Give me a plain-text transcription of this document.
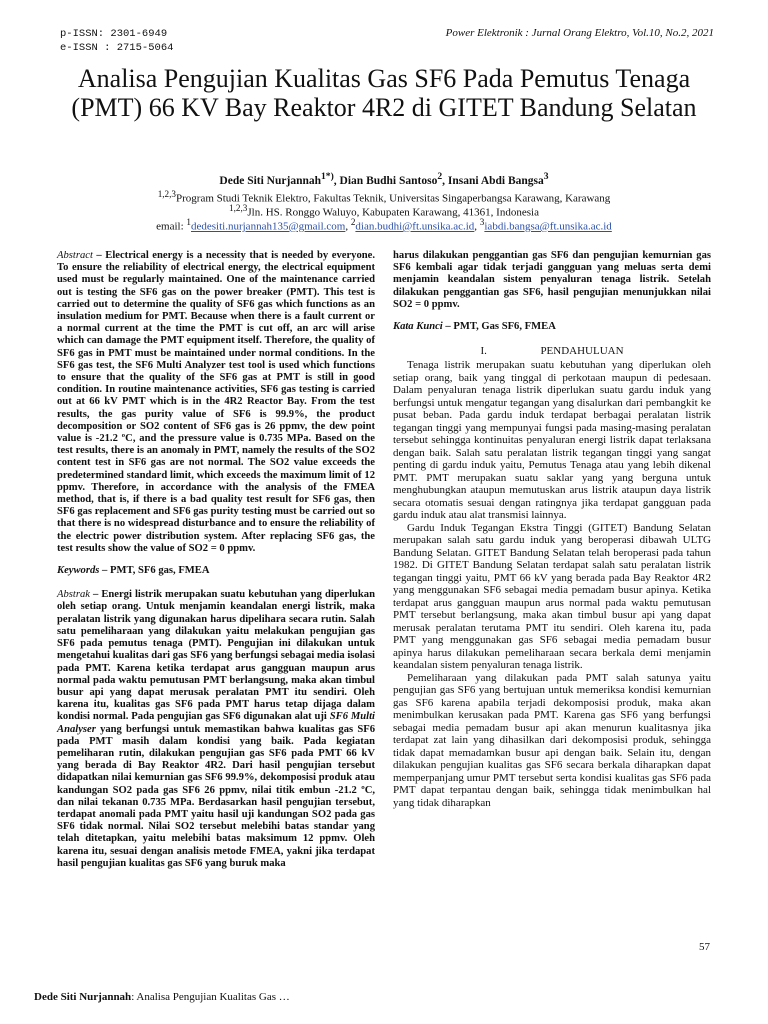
p-ISSN: 2301-6949
e-ISSN : 2715-5064
Power Elektronik : Jurnal Orang Elektro, Vol.10, No.2, 2021
Analisa Pengujian Kualitas Gas SF6 Pada Pemutus Tenaga (PMT) 66 KV Bay Reaktor 4R2 di GITET Bandung Selatan
Dede Siti Nurjannah$^{1*)}$, Dian Budhi Santoso$^2$, Insani Abdi Bangsa$^3$
$^{1,2,3}$Program Studi Teknik Elektro, Fakultas Teknik, Universitas Singaperbangsa Karawang, Karawang
$^{1,2,3}$Jln. HS. Ronggo Waluyo, Kabupaten Karawang, 41361, Indonesia
email: $^1$dedesiti.nurjannah135@gmail.com, $^2$dian.budhi@ft.unsika.ac.id, $^3$iabdi.bangsa@ft.unsika.ac.id

Abstract – Electrical energy is a necessity that is needed by everyone. To ensure the reliability of electrical energy, the electrical equipment used must be regularly maintained. One of the maintenance carried out is testing the SF6 gas on the power breaker (PMT). This test is carried out to determine the quality of SF6 gas which functions as an insulation medium for PMT. Because when there is a fault current or a normal current at the time the PMT is cut off, an arc will arise which can damage the PMT equipment itself. Therefore, the quality of SF6 gas in PMT must be maintained under normal conditions. In the SF6 gas test, the SF6 Multi Analyzer test tool is used which functions to ensure that the quality of the SF6 gas at PMT is still in good condition. In routine maintenance activities, SF6 gas testing is carried out at 66 kV PMT which is in the 4R2 Reactor Bay. From the test results, the gas purity value of SF6 is 99.9%, the product decomposition or SO2 content of SF6 gas is 26 ppmv, the dew point value is -21.2 ºC, and the pressure value is 0.735 MPa. Based on the test results, there is an anomaly in PMT, namely the results of the SO2 content test in SF6 gas are not normal. The SO2 value exceeds the predetermined standard limit, which exceeds the maximum limit of 12 ppmv. Therefore, in accordance with the analysis of the FMEA method, that is, if there is a bad quality test result for SF6 gas, then SF6 gas replacement and SF6 gas purity testing must be carried out so that there is no widespread disturbance and to ensure the reliability of the electric power distribution system. After replacing SF6 gas, the test results show the value of SO2 = 0 ppmv.

Keywords – PMT, SF6 gas, FMEA

Abstrak – Energi listrik merupakan suatu kebutuhan yang diperlukan oleh setiap orang. Untuk menjamin keandalan energi listrik, maka peralatan listrik yang digunakan harus dipelihara secara rutin. Salah satu pemeliharaan yang dilakukan yaitu melakukan pengujian gas SF6 pada pemutus tenaga (PMT). Pengujian ini dilakukan untuk mengetahui kualitas dari gas SF6 yang berfungsi sebagai media isolasi pada PMT. Karena ketika terdapat arus gangguan maupun arus normal pada waktu pemutusan PMT berlangsung, maka akan timbul busur api yang dapat merusak peralatan PMT itu sendiri. Oleh karena itu, kualitas gas SF6 pada PMT harus tetap dijaga dalam kondisi normal. Pada pengujian gas SF6 digunakan alat uji SF6 Multi Analyser yang berfungsi untuk memastikan bahwa kualitas gas SF6 pada PMT masih dalam kondisi yang baik. Pada kegiatan pemeliharan rutin, dilakukan pengujian gas SF6 pada PMT 66 kV yang berada di Bay Reaktor 4R2. Dari hasil pengujian tersebut didapatkan nilai kemurnian gas SF6 99.9%, dekomposisi produk atau kandungan SO2 pada gas SF6 26 ppmv, nilai titik embun -21.2 ºC, dan nilai tekanan 0.735 MPa. Berdasarkan hasil pengujian tersebut, terdapat anomali pada PMT yaitu hasil uji kandungan SO2 pada gas SF6 tidak normal. Nilai SO2 tersebut melebihi batas standar yang telah ditetapkan, yaitu melebihi batas maksimum 12 ppmv. Oleh karena itu, sesuai dengan analisis metode FMEA, yakni jika terdapat hasil pengujian kualitas gas SF6 yang buruk maka

harus dilakukan penggantian gas SF6 dan pengujian kemurnian gas SF6 kembali agar tidak terjadi gangguan yang meluas serta demi menjamin keandalan sistem penyaluran tenaga listrik. Setelah dilakukan penggantian gas SF6, hasil pengujian menunjukkan nilai SO2 = 0 ppmv.

Kata Kunci – PMT, Gas SF6, FMEA

I.	PENDAHULUAN

Tenaga listrik merupakan suatu kebutuhan yang diperlukan oleh setiap orang, baik yang tinggal di perkotaan maupun di pedesaan. Dalam penyaluran tenaga listrik diperlukan suatu gardu induk yang berfungsi untuk mengatur tegangan yang disalurkan dari pembangkit ke pusat beban. Pada gardu induk terdapat berbagai peralatan listrik tegangan tinggi yang mempunyai fungsi pada masing-masing peralatan tersebut sehingga kontinuitas penyaluran energi listrik dapat terlaksana dengan baik. Salah satu peralatan listrik tegangan tinggi yang sangat penting di gardu induk yaitu, Pemutus Tenaga atau yang lebih dikenal PMT. PMT merupakan suatu saklar yang yang berguna untuk menghubungkan ataupun memutuskan arus listrik ataupun daya listrik secara otomatis sesuai dengan ratingnya jika terdapat gangguan pada gardu induk atau alat transmisi lainnya.

Gardu Induk Tegangan Ekstra Tinggi (GITET) Bandung Selatan merupakan salah satu gardu induk yang beroperasi dibawah ULTG Bandung Selatan. GITET Bandung Selatan telah beroperasi pada tahun 1982. Di GITET Bandung Selatan terdapat salah satu peralatan listrik tegangan tinggi yaitu, PMT 66 kV yang berada pada Bay Reaktor 4R2 yang menggunakan SF6 sebagai media pemadam busur apinya. Ketika terdapat arus gangguan maupun arus normal pada waktu pemutusan PMT tersebut berlangsung, maka akan timbul busur api yang dapat merusak peralatan terutama PMT itu sendiri. Oleh karena itu, pada PMT yang menggunakan gas SF6 sebagai media pemadam busur apinya harus dilakukan pemeliharaan secara berkala demi menjamin keandalan sistem penyaluran tenaga listrik.

Pemeliharaan yang dilakukan pada PMT salah satunya yaitu pengujian gas SF6 yang bertujuan untuk memeriksa kondisi kemurnian gas SF6 karena apabila terjadi dekomposisi produk, maka akan menimbulkan kerusakan pada PMT. Karena gas SF6 yang berfungsi sebagai media pemadam busur api akan menurun kualitasnya jika terdapat zat lain yang dihasilkan dari dekomposisi produk, sehingga tidak dapat memadamkan busur api dengan baik. Selain itu, dengan dilakukan pengujian kualitas gas SF6 secara berkala diharapkan dapat memperpanjang umur PMT tersebut serta kondisi kualitas gas SF6 pada PMT dapat terpantau dengan baik, sehingga tidak menimbulkan hal yang tidak diharapkan

57
Dede Siti Nurjannah: Analisa Pengujian Kualitas Gas …
